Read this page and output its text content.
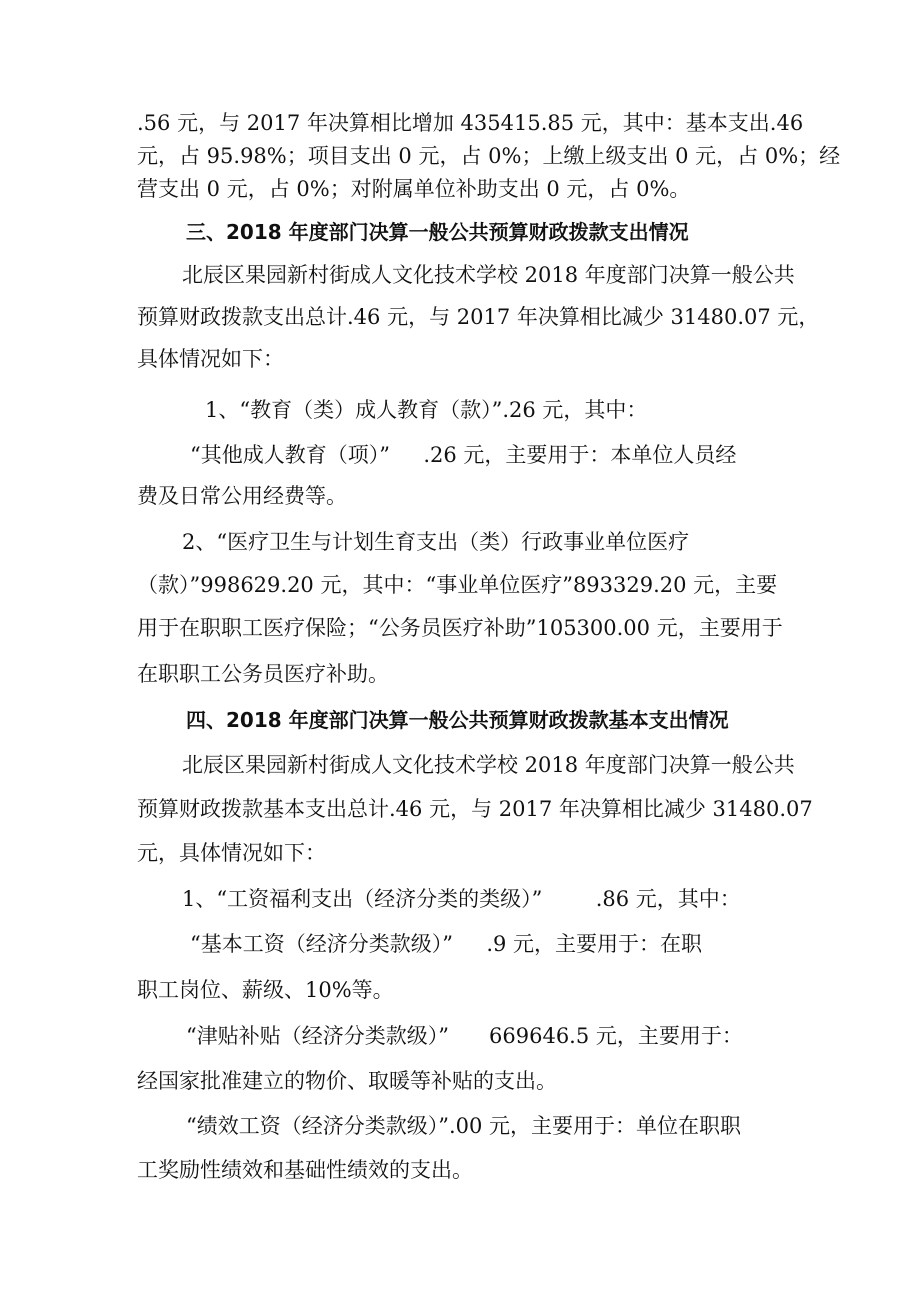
.56 元，与 2017 年决算相比增加 435415.85 元，其中：基本支出.46
元，占 95.98%；项目支出 0 元，占 0%；上缴上级支出 0 元，占 0%；经
营支出 0 元，占 0%；对附属单位补助支出 0 元，占 0%。
三、2018 年度部门决算一般公共预算财政拨款支出情况
北辰区果园新村街成人文化技术学校 2018 年度部门决算一般公共
预算财政拨款支出总计.46 元，与 2017 年决算相比减少 31480.07 元，
具体情况如下：
1、“教育（类）成人教育（款）”.26 元，其中：
“其他成人教育（项）”     .26 元，主要用于：本单位人员经
费及日常公用经费等。
2、“医疗卫生与计划生育支出（类）行政事业单位医疗
（款）”998629.20 元，其中：“事业单位医疗”893329.20 元，主要
用于在职职工医疗保险；“公务员医疗补助”105300.00 元，主要用于
在职职工公务员医疗补助。
四、2018 年度部门决算一般公共预算财政拨款基本支出情况
北辰区果园新村街成人文化技术学校 2018 年度部门决算一般公共
预算财政拨款基本支出总计.46 元，与 2017 年决算相比减少 31480.07
元，具体情况如下：
1、“工资福利支出（经济分类的类级）”        .86 元，其中：
“基本工资（经济分类款级）”     .9 元，主要用于：在职
职工岗位、薪级、10%等。
“津贴补贴（经济分类款级）”      669646.5 元，主要用于：
经国家批准建立的物价、取暖等补贴的支出。
“绩效工资（经济分类款级）”.00 元，主要用于：单位在职职
工奖励性绩效和基础性绩效的支出。
